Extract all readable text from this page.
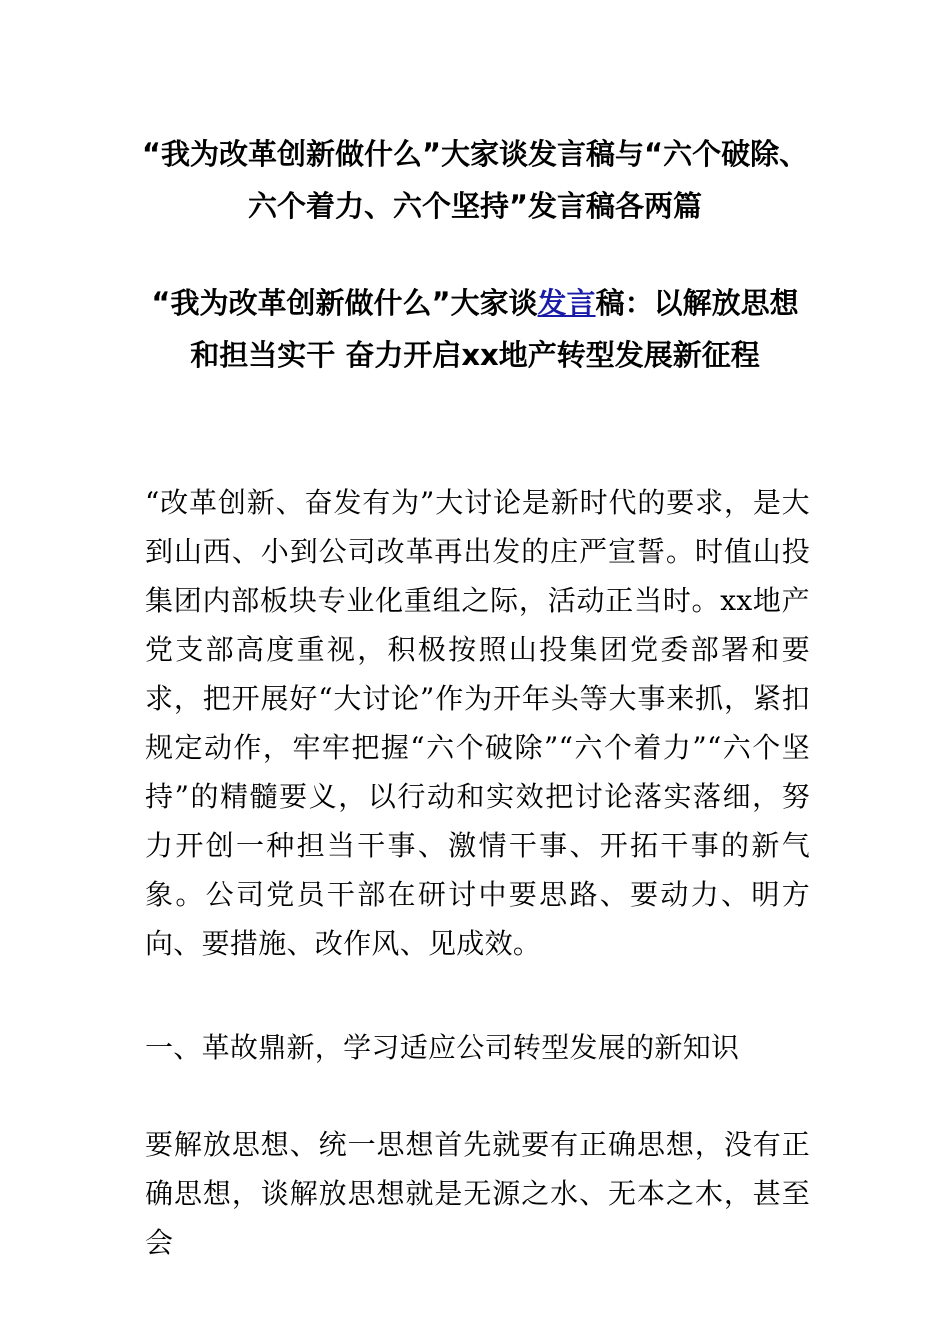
“我为改革创新做什么”大家谈发言稿与“六个破除、
六个着力、六个坚持”发言稿各两篇
“我为改革创新做什么”大家谈发言稿：以解放思想
和担当实干 奋力开启xx地产转型发展新征程

“改革创新、奋发有为”大讨论是新时代的要求，是大到山西、小到公司改革再出发的庄严宣誓。时值山投集团内部板块专业化重组之际，活动正当时。xx地产党支部高度重视，积极按照山投集团党委部署和要求，把开展好“大讨论”作为开年头等大事来抓，紧扣规定动作，牢牢把握“六个破除”“六个着力”“六个坚持”的精髓要义，以行动和实效把讨论落实落细，努力开创一种担当干事、激情干事、开拓干事的新气象。公司党员干部在研讨中要思路、要动力、明方向、要措施、改作风、见成效。

一、革故鼎新，学习适应公司转型发展的新知识

要解放思想、统一思想首先就要有正确思想，没有正确思想，谈解放思想就是无源之水、无本之木，甚至会
